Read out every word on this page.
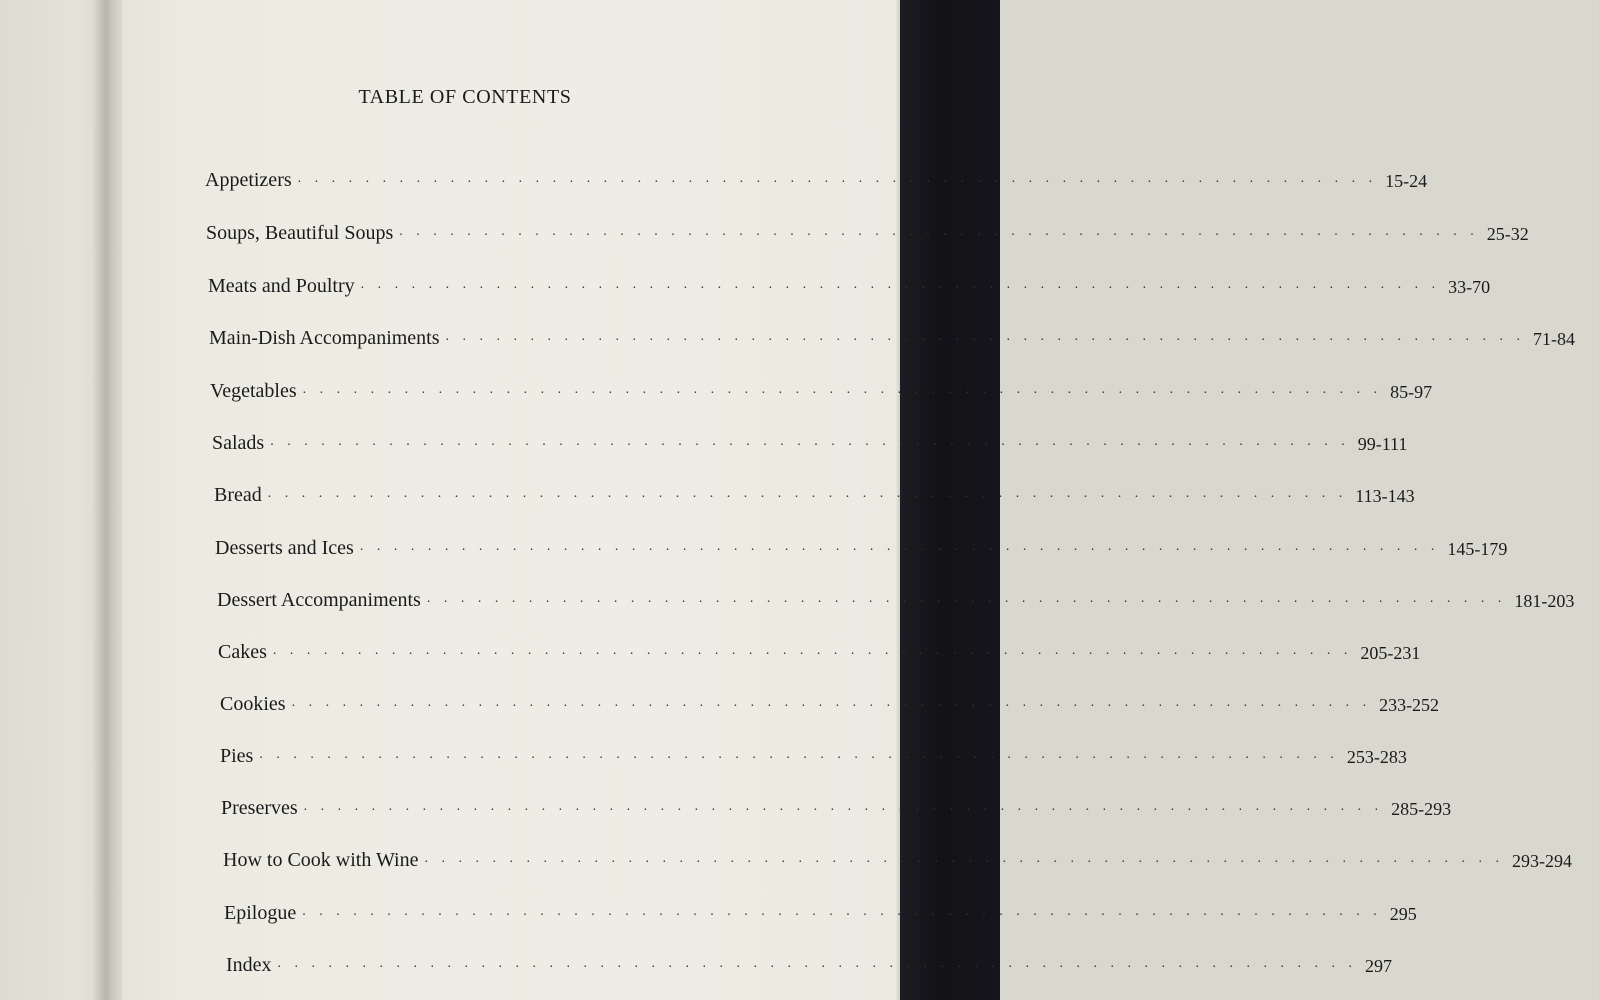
TABLE OF CONTENTS
Appetizers . . . . . . . . . . . . . . . . . . . . . . . . . . . . . . . . . . . . . . . . . . . . . . . . . . . . . . . . . . . . . . . . 15-24
Soups, Beautiful Soups . . . . . . . . . . . . . . . . . . . . . . . . . . . . . . . . . . . . . . . . . . . . . . . . . . . . . . . . . . . . . . . . 25-32
Meats and Poultry . . . . . . . . . . . . . . . . . . . . . . . . . . . . . . . . . . . . . . . . . . . . . . . . . . . . . . . . . . . . . . . . 33-70
Main-Dish Accompaniments . . . . . . . . . . . . . . . . . . . . . . . . . . . . . . . . . . . . . . . . . . . . . . . . . . . . . . . . . . . . . . . . 71-84
Vegetables . . . . . . . . . . . . . . . . . . . . . . . . . . . . . . . . . . . . . . . . . . . . . . . . . . . . . . . . . . . . . . . . 85-97
Salads . . . . . . . . . . . . . . . . . . . . . . . . . . . . . . . . . . . . . . . . . . . . . . . . . . . . . . . . . . . . . . . . 99-111
Bread . . . . . . . . . . . . . . . . . . . . . . . . . . . . . . . . . . . . . . . . . . . . . . . . . . . . . . . . . . . . . . . . 113-143
Desserts and Ices . . . . . . . . . . . . . . . . . . . . . . . . . . . . . . . . . . . . . . . . . . . . . . . . . . . . . . . . . . . . . . . . 145-179
Dessert Accompaniments . . . . . . . . . . . . . . . . . . . . . . . . . . . . . . . . . . . . . . . . . . . . . . . . . . . . . . . . . . . . . . . . 181-203
Cakes . . . . . . . . . . . . . . . . . . . . . . . . . . . . . . . . . . . . . . . . . . . . . . . . . . . . . . . . . . . . . . . . 205-231
Cookies . . . . . . . . . . . . . . . . . . . . . . . . . . . . . . . . . . . . . . . . . . . . . . . . . . . . . . . . . . . . . . . . 233-252
Pies . . . . . . . . . . . . . . . . . . . . . . . . . . . . . . . . . . . . . . . . . . . . . . . . . . . . . . . . . . . . . . . . 253-283
Preserves . . . . . . . . . . . . . . . . . . . . . . . . . . . . . . . . . . . . . . . . . . . . . . . . . . . . . . . . . . . . . . . . 285-293
How to Cook with Wine . . . . . . . . . . . . . . . . . . . . . . . . . . . . . . . . . . . . . . . . . . . . . . . . . . . . . . . . . . . . . . . . 293-294
Epilogue . . . . . . . . . . . . . . . . . . . . . . . . . . . . . . . . . . . . . . . . . . . . . . . . . . . . . . . . . . . . . . . . 295
Index . . . . . . . . . . . . . . . . . . . . . . . . . . . . . . . . . . . . . . . . . . . . . . . . . . . . . . . . . . . . . . . . 297
